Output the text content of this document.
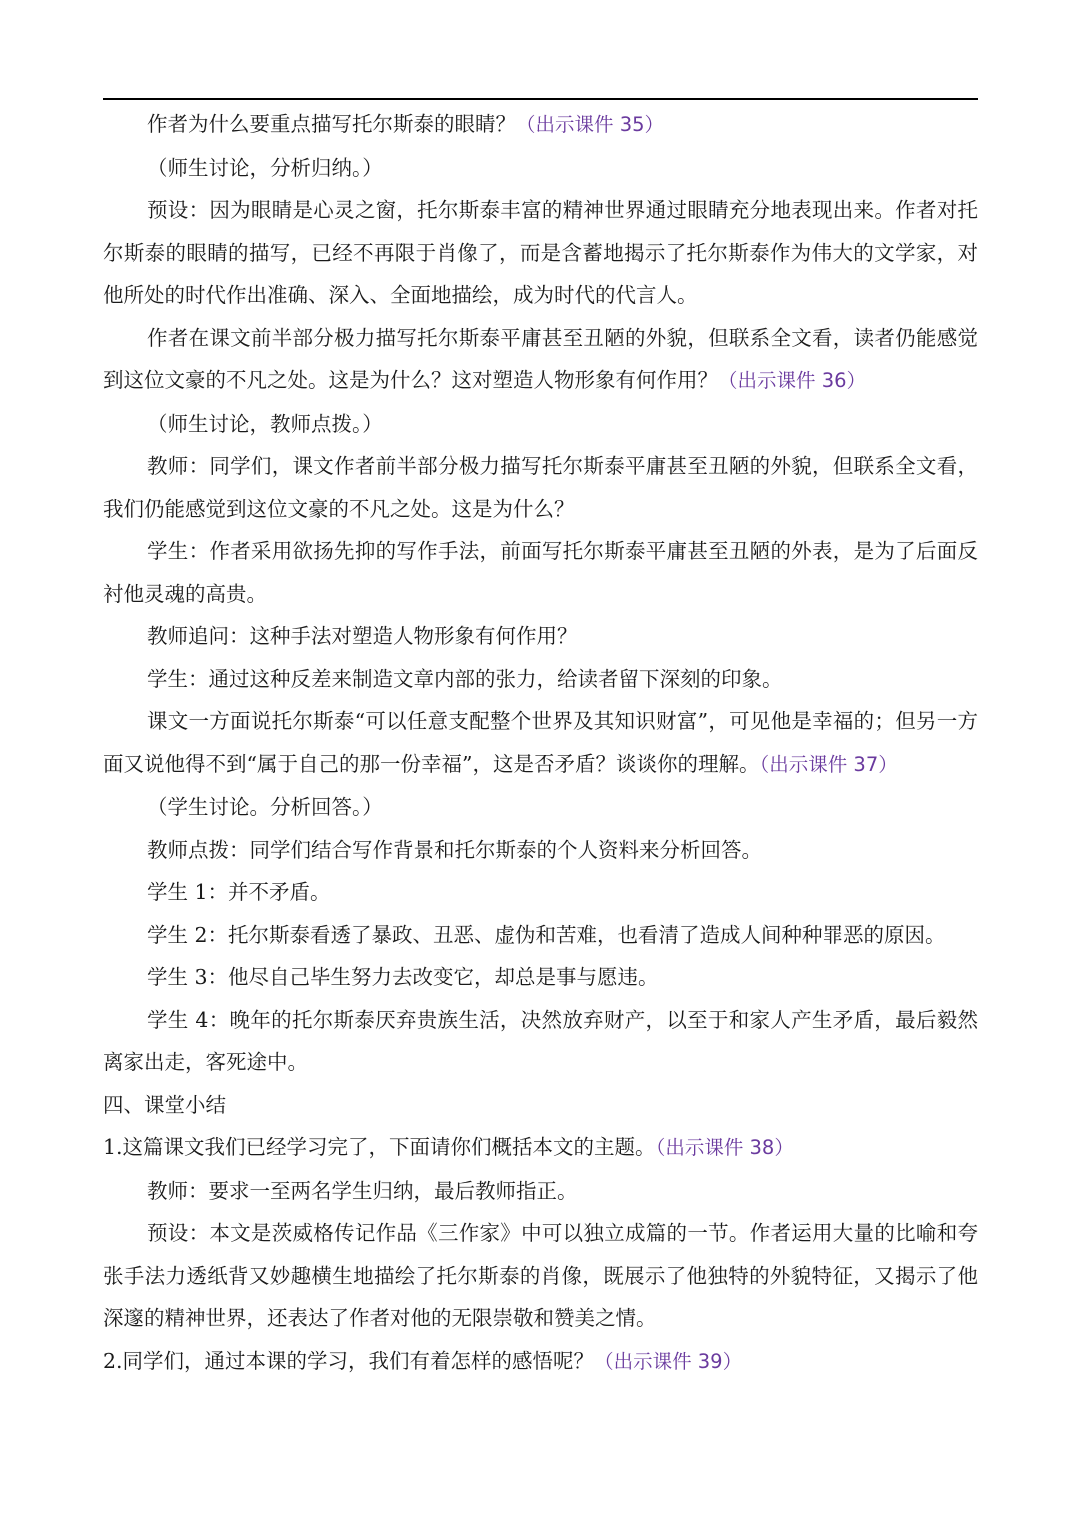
作者为什么要重点描写托尔斯泰的眼睛？（出示课件 35）

（师生讨论，分析归纳。）

预设：因为眼睛是心灵之窗，托尔斯泰丰富的精神世界通过眼睛充分地表现出来。作者对托尔斯泰的眼睛的描写，已经不再限于肖像了，而是含蓄地揭示了托尔斯泰作为伟大的文学家，对他所处的时代作出准确、深入、全面地描绘，成为时代的代言人。

作者在课文前半部分极力描写托尔斯泰平庸甚至丑陋的外貌，但联系全文看，读者仍能感觉到这位文豪的不凡之处。这是为什么？这对塑造人物形象有何作用？（出示课件 36）

（师生讨论，教师点拨。）

教师：同学们，课文作者前半部分极力描写托尔斯泰平庸甚至丑陋的外貌，但联系全文看，我们仍能感觉到这位文豪的不凡之处。这是为什么？

学生：作者采用欲扬先抑的写作手法，前面写托尔斯泰平庸甚至丑陋的外表，是为了后面反衬他灵魂的高贵。

教师追问：这种手法对塑造人物形象有何作用？

学生：通过这种反差来制造文章内部的张力，给读者留下深刻的印象。

课文一方面说托尔斯泰“可以任意支配整个世界及其知识财富”，可见他是幸福的；但另一方面又说他得不到“属于自己的那一份幸福”，这是否矛盾？谈谈你的理解。（出示课件 37）

（学生讨论。分析回答。）

教师点拨：同学们结合写作背景和托尔斯泰的个人资料来分析回答。

学生 1：并不矛盾。

学生 2：托尔斯泰看透了暴政、丑恶、虚伪和苦难，也看清了造成人间种种罪恶的原因。

学生 3：他尽自己毕生努力去改变它，却总是事与愿违。

学生 4：晚年的托尔斯泰厌弃贵族生活，决然放弃财产，以至于和家人产生矛盾，最后毅然离家出走，客死途中。

四、课堂小结

1.这篇课文我们已经学习完了，下面请你们概括本文的主题。（出示课件 38）

教师：要求一至两名学生归纳，最后教师指正。

预设：本文是茨威格传记作品《三作家》中可以独立成篇的一节。作者运用大量的比喻和夸张手法力透纸背又妙趣横生地描绘了托尔斯泰的肖像，既展示了他独特的外貌特征，又揭示了他深邃的精神世界，还表达了作者对他的无限崇敬和赞美之情。

2.同学们，通过本课的学习，我们有着怎样的感悟呢？（出示课件 39）
